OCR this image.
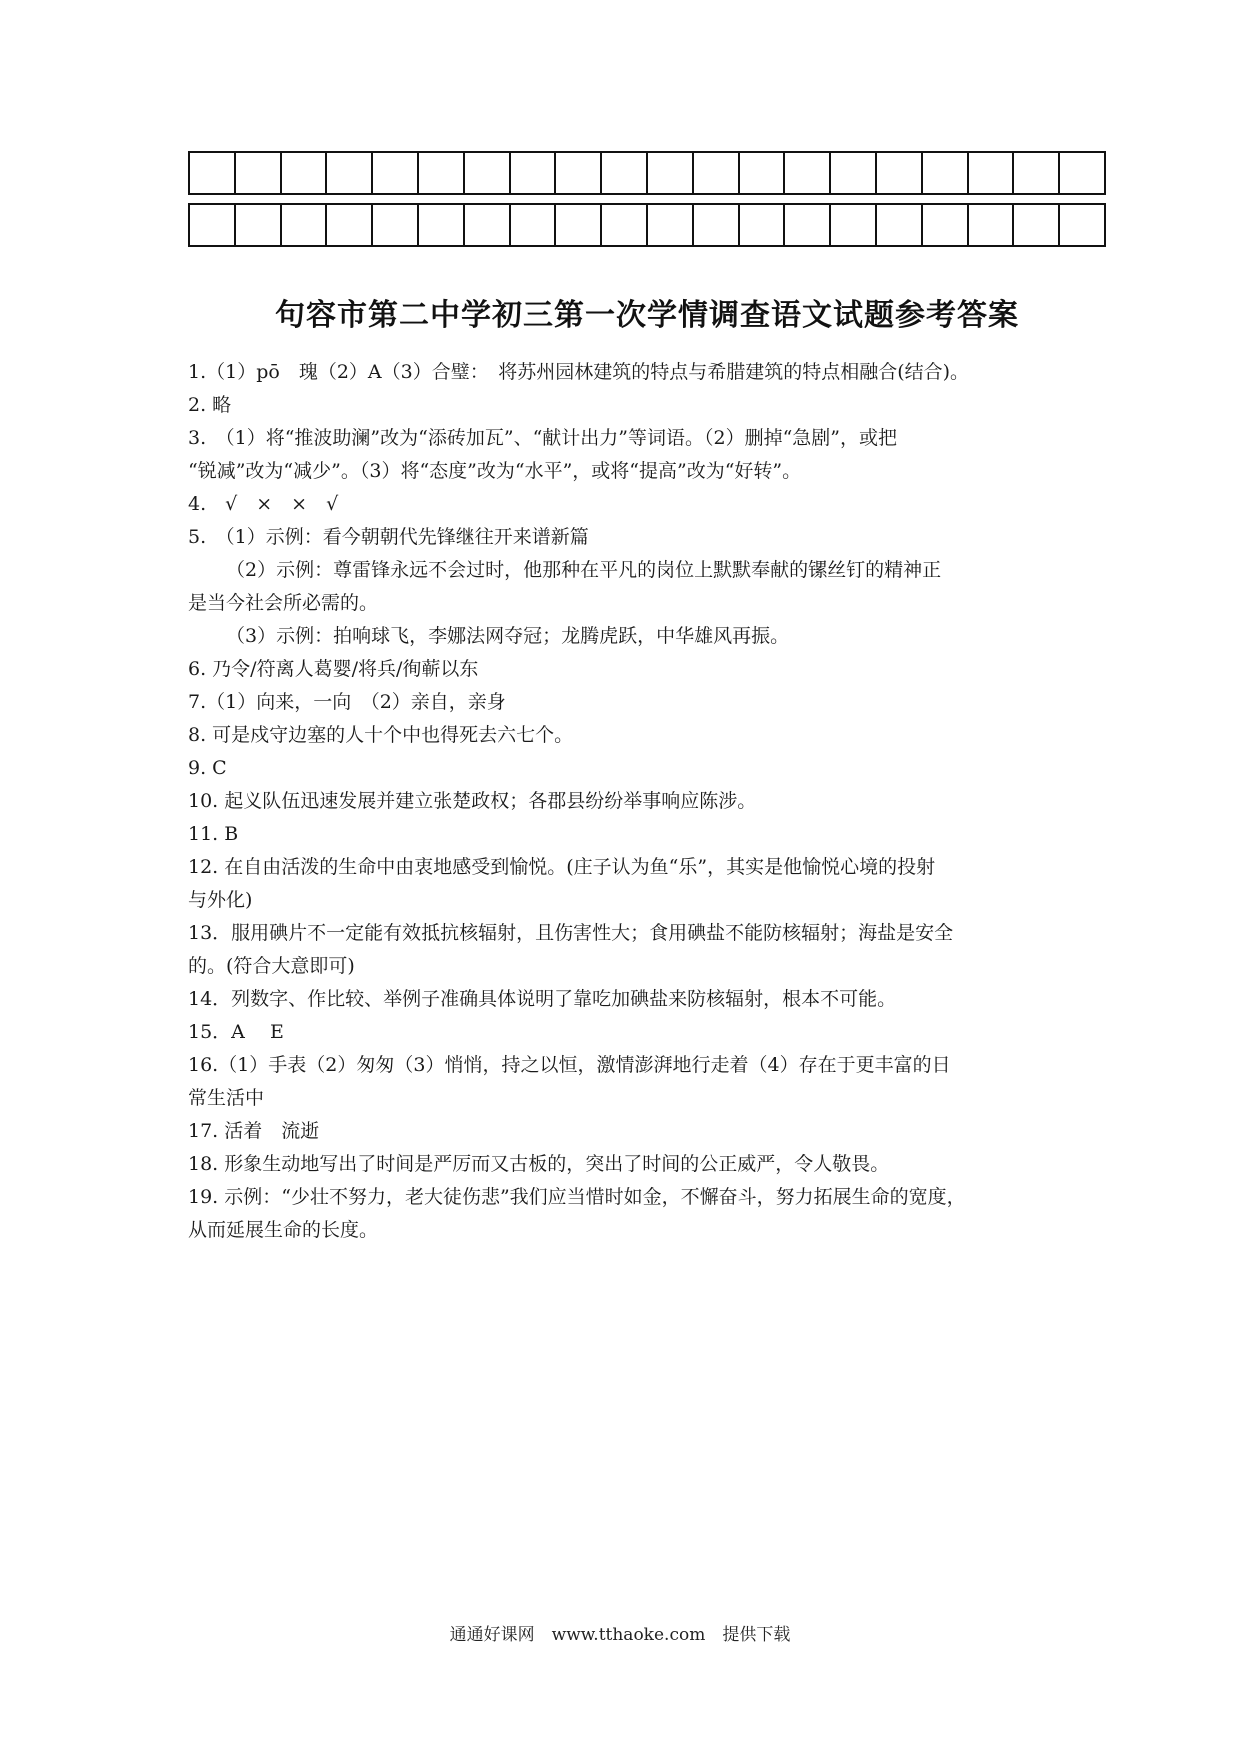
句容市第二中学初三第一次学情调查语文试题参考答案
1.（1）pō　瑰（2）A（3）合璧：　将苏州园林建筑的特点与希腊建筑的特点相融合(结合)。
2. 略
3.　（1）将“推波助澜”改为“添砖加瓦”、“献计出力”等词语。（2）删掉“急剧”，或把
“锐减”改为“减少”。（3）将“态度”改为“水平”，或将“提高”改为“好转”。
4.　√　×　×　√
5.　（1）示例：看今朝朝代先锋继往开来谱新篇
（2）示例：尊雷锋永远不会过时，他那种在平凡的岗位上默默奉献的镙丝钉的精神正
是当今社会所必需的。
（3）示例：拍响球飞，李娜法网夺冠；龙腾虎跃，中华雄风再振。
6. 乃令/符离人葛婴/将兵/徇蕲以东
7.（1）向来，一向　（2）亲自，亲身
8. 可是戍守边塞的人十个中也得死去六七个。
9. C
10. 起义队伍迅速发展并建立张楚政权；各郡县纷纷举事响应陈涉。
11. B
12. 在自由活泼的生命中由衷地感受到愉悦。(庄子认为鱼“乐”，其实是他愉悦心境的投射
与外化)
13．服用碘片不一定能有效抵抗核辐射，且伤害性大；食用碘盐不能防核辐射；海盐是安全
的。(符合大意即可)
14．列数字、作比较、举例子准确具体说明了靠吃加碘盐来防核辐射，根本不可能。
15．A　 E
16.（1）手表（2）匆匆（3）悄悄，持之以恒，激情澎湃地行走着（4）存在于更丰富的日
常生活中
17. 活着　流逝
18. 形象生动地写出了时间是严厉而又古板的，突出了时间的公正威严，令人敬畏。
19. 示例：“少壮不努力，老大徒伤悲”我们应当惜时如金，不懈奋斗，努力拓展生命的宽度，
从而延展生命的长度。
通通好课网　www.tthaoke.com　提供下载
